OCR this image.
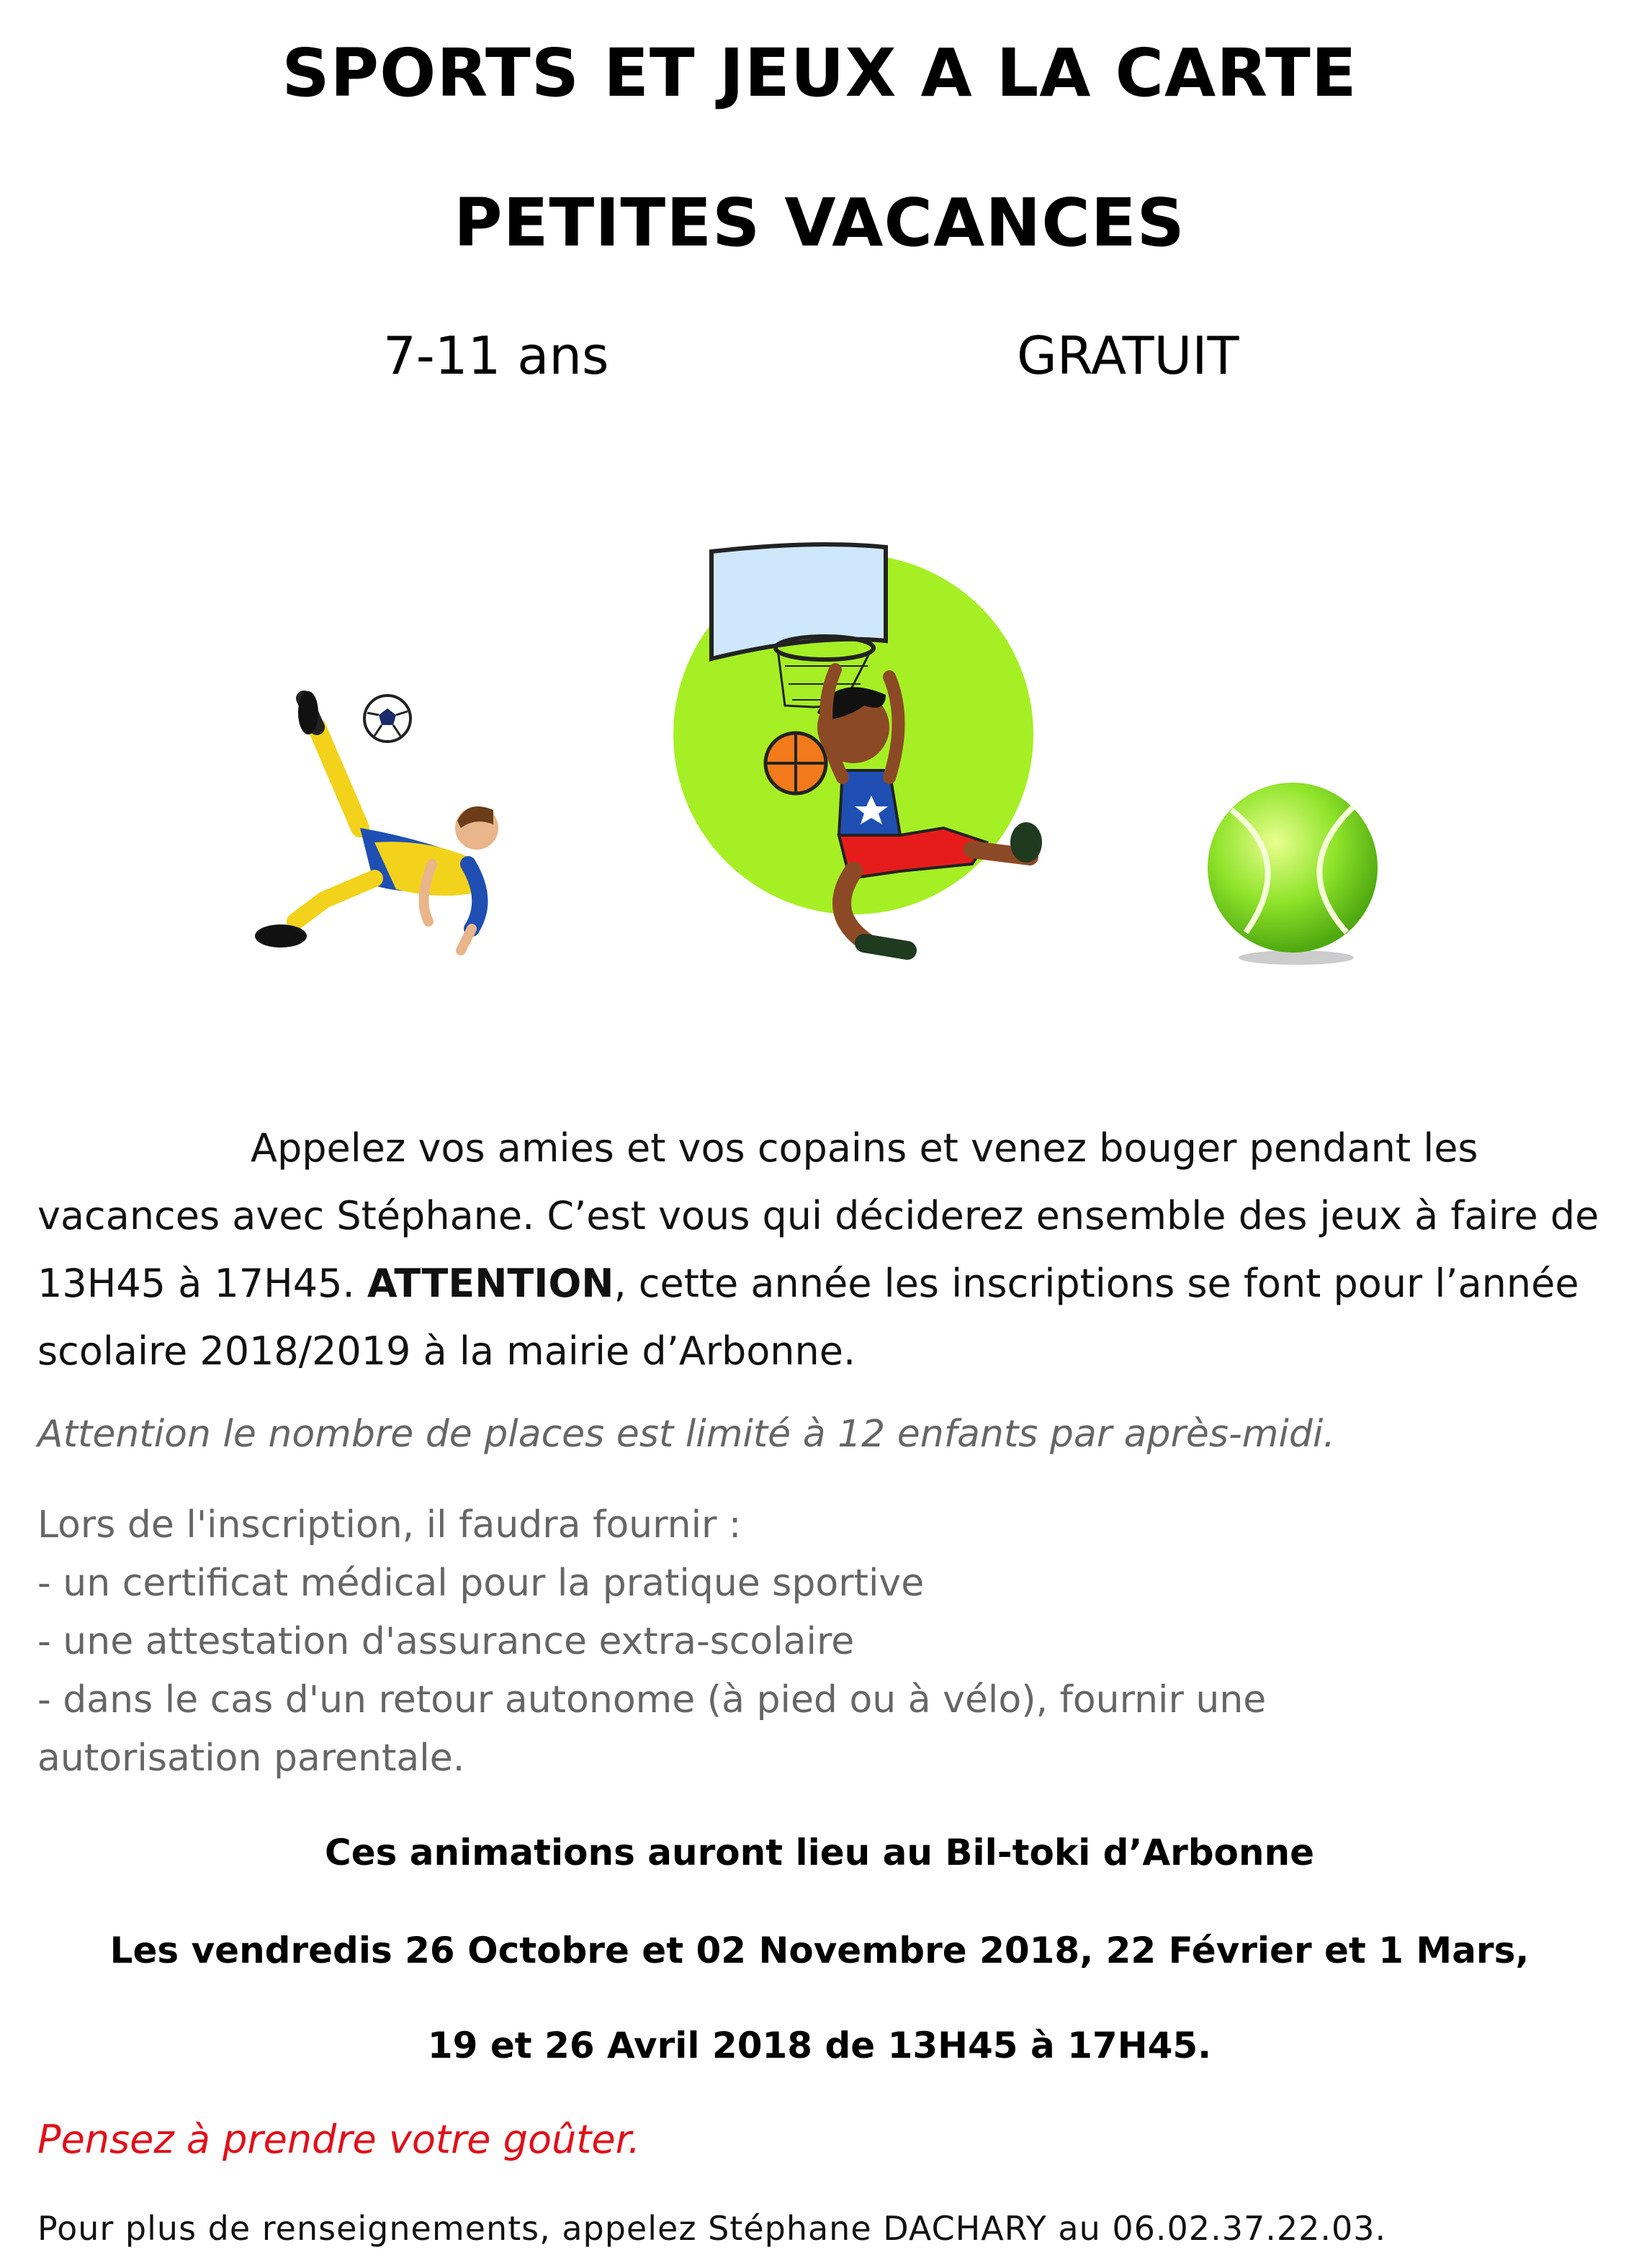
SPORTS ET JEUX A LA CARTE
PETITES VACANCES
7-11 ans	GRATUIT
Appelez vos amies et vos copains et venez bouger pendant les
vacances avec Stéphane. C’est vous qui déciderez ensemble des jeux à faire de
13H45 à 17H45. ATTENTION, cette année les inscriptions se font pour l’année
scolaire 2018/2019 à la mairie d’Arbonne.
Attention le nombre de places est limité à 12 enfants par après-midi.
Lors de l'inscription, il faudra fournir :
- un certificat médical pour la pratique sportive
- une attestation d'assurance extra-scolaire
- dans le cas d'un retour autonome (à pied ou à vélo), fournir une
autorisation parentale.
Ces animations auront lieu au Bil-toki d’Arbonne
Les vendredis 26 Octobre et 02 Novembre 2018, 22 Février et 1 Mars,
19 et 26 Avril 2018 de 13H45 à 17H45.
Pensez à prendre votre goûter.
Pour plus de renseignements, appelez Stéphane DACHARY au 06.02.37.22.03.
